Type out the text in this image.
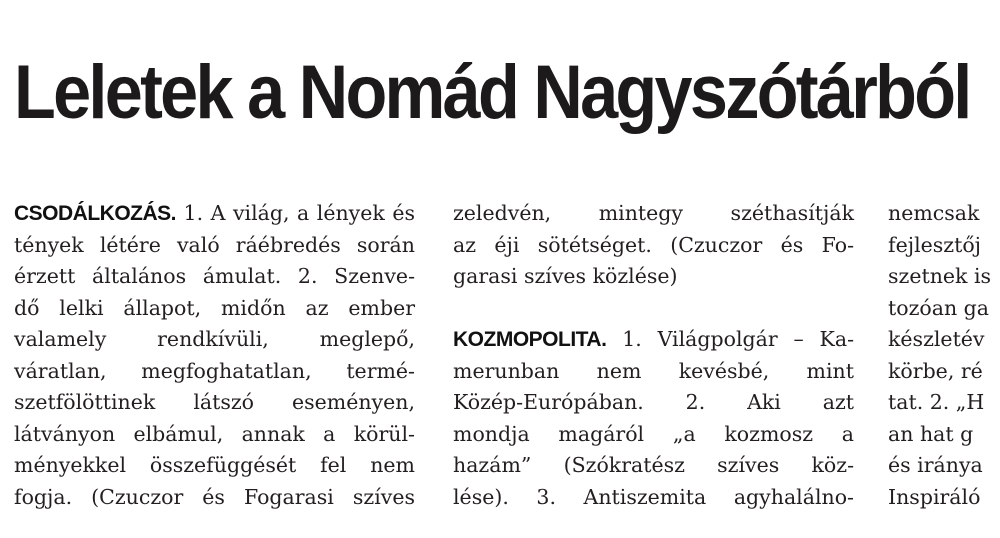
Leletek a Nomád Nagyszótárból

CSODÁLKOZÁS. 1. A világ, a lények és
tények létére való ráébredés során
érzett általános ámulat. 2. Szenve-
dő lelki állapot, midőn az ember
valamely rendkívüli, meglepő,
váratlan, megfoghatatlan, termé-
szetfölöttinek látszó eseményen,
látványon elbámul, annak a körül-
ményekkel összefüggését fel nem
fogja. (Czuczor és Fogarasi szíves

zeledvén, mintegy széthasítják
az éji sötétséget. (Czuczor és Fo-
garasi szíves közlése)

KOZMOPOLITA. 1. Világpolgár – Ka-
merunban nem kevésbé, mint
Közép-Európában. 2. Aki azt
mondja magáról „a kozmosz a
hazám” (Szókratész szíves köz-
lése). 3. Antiszemita agyhalálno-

nemcsak
fejlesztőj
szetnek is
tozóan ga
készletév
körbe, ré
tat. 2. „H
an hat g
és iránya
Inspiráló
